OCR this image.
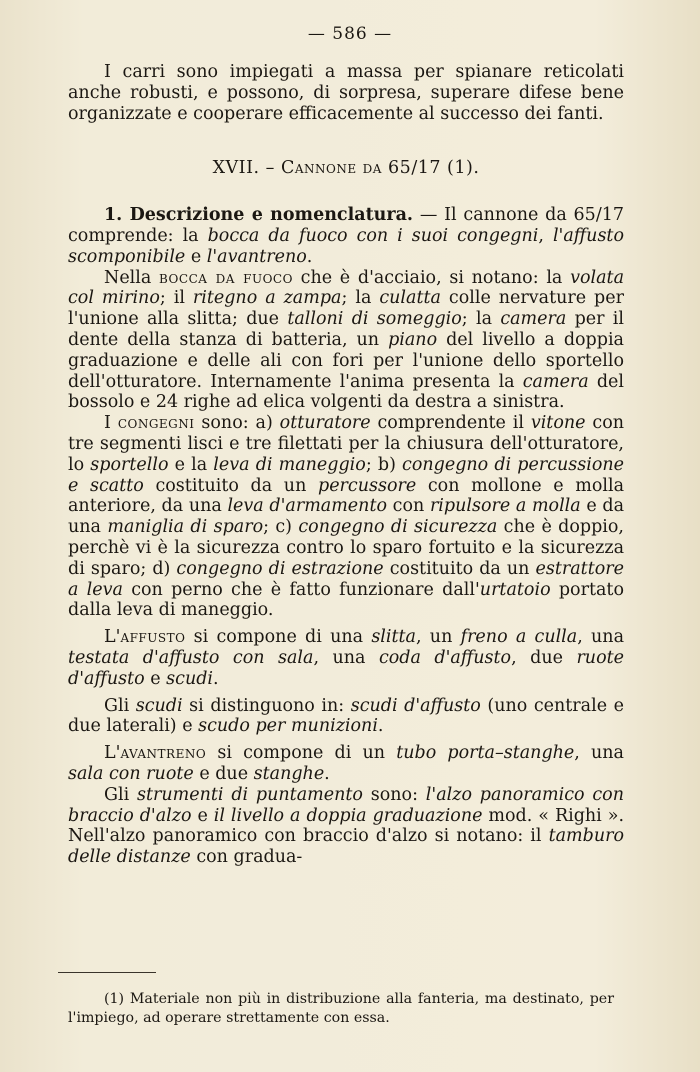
— 586 —

I carri sono impiegati a massa per spianare reticolati anche robusti, e possono, di sorpresa, superare difese bene organizzate e cooperare efficacemente al successo dei fanti.

XVII. – Cannone da 65/17 (1).

1. Descrizione e nomenclatura. — Il cannone da 65/17 comprende: la bocca da fuoco con i suoi congegni, l'affusto scomponibile e l'avantreno.

Nella bocca da fuoco che è d'acciaio, si notano: la volata col mirino; il ritegno a zampa; la culatta colle nervature per l'unione alla slitta; due talloni di someggio; la camera per il dente della stanza di batteria, un piano del livello a doppia graduazione e delle ali con fori per l'unione dello sportello dell'otturatore. Internamente l'anima presenta la camera del bossolo e 24 righe ad elica volgenti da destra a sinistra.

I congegni sono: a) otturatore comprendente il vitone con tre segmenti lisci e tre filettati per la chiusura dell'otturatore, lo sportello e la leva di maneggio; b) congegno di percussione e scatto costituito da un percussore con mollone e molla anteriore, da una leva d'armamento con ripulsore a molla e da una maniglia di sparo; c) congegno di sicurezza che è doppio, perchè vi è la sicurezza contro lo sparo fortuito e la sicurezza di sparo; d) congegno di estrazione costituito da un estrattore a leva con perno che è fatto funzionare dall'urtatoio portato dalla leva di maneggio.

L'affusto si compone di una slitta, un freno a culla, una testata d'affusto con sala, una coda d'affusto, due ruote d'affusto e scudi.

Gli scudi si distinguono in: scudi d'affusto (uno centrale e due laterali) e scudo per munizioni.

L'avantreno si compone di un tubo porta–stanghe, una sala con ruote e due stanghe.

Gli strumenti di puntamento sono: l'alzo panoramico con braccio d'alzo e il livello a doppia graduazione mod. « Righi ». Nell'alzo panoramico con braccio d'alzo si notano: il tamburo delle distanze con gradua-

(1) Materiale non più in distribuzione alla fanteria, ma destinato, per l'impiego, ad operare strettamente con essa.
